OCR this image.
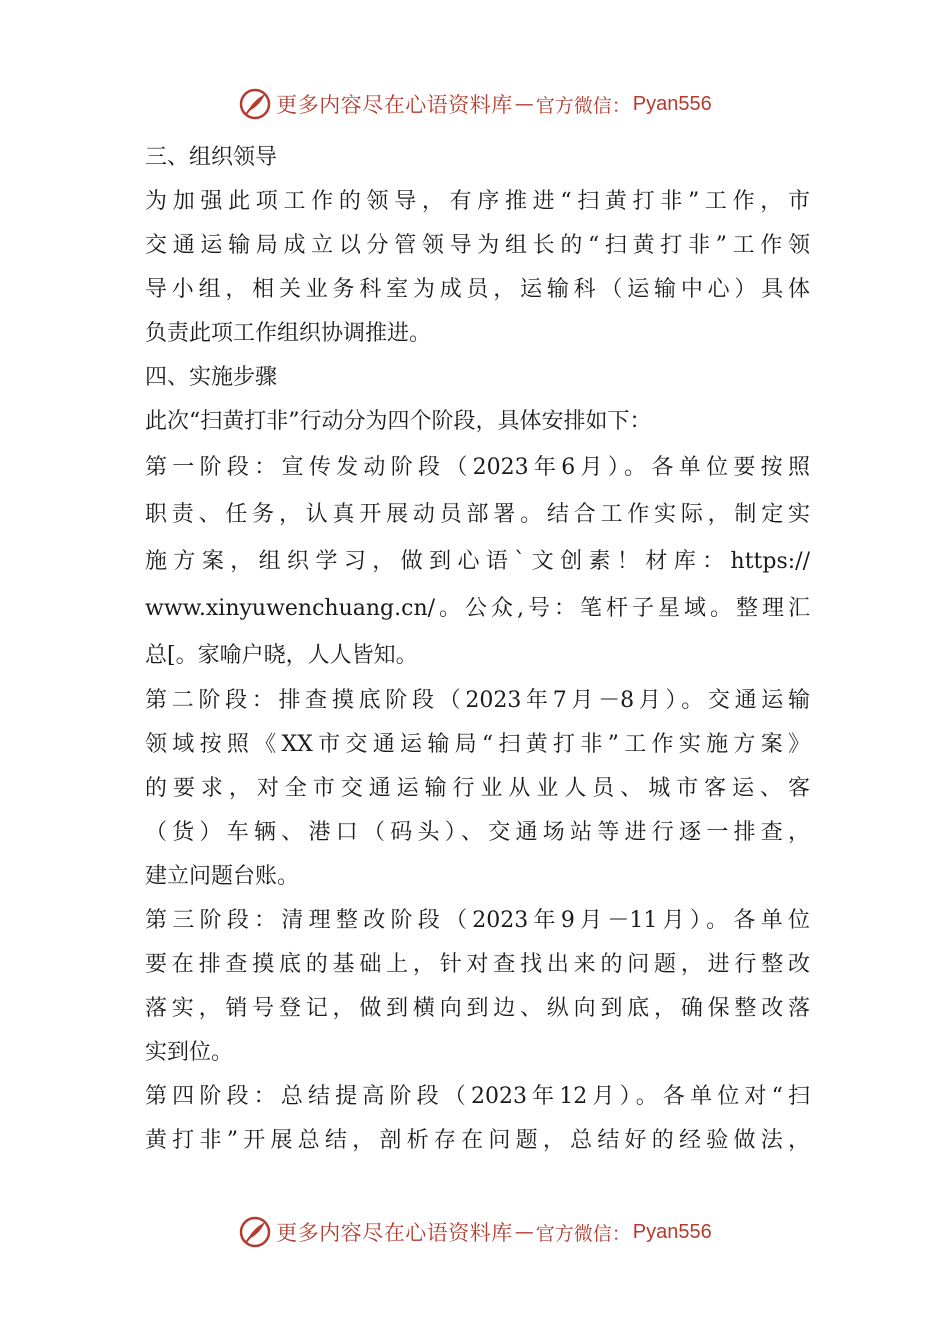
更多内容尽在心语资料库 — 官方微信： Pyan556
三、组织领导
为加强此项工作的领导，有序推进“扫黄打非”工作，市
交通运输局成立以分管领导为组长的“扫黄打非”工作领
导小组，相关业务科室为成员，运输科（运输中心）具体
负责此项工作组织协调推进。
四、实施步骤
此次“扫黄打非”行动分为四个阶段，具体安排如下：
第一阶段：宣传发动阶段（2023年6月）。各单位要按照
职责、任务，认真开展动员部署。结合工作实际，制定实
施方案，组织学习，做到心语`文创素！材库：https://
www.xinyuwenchuang.cn/。公众,号：笔杆子星域。整理汇
总[。家喻户晓，人人皆知。
第二阶段：排查摸底阶段（2023年7月－8月）。交通运输
领域按照《XX市交通运输局“扫黄打非”工作实施方案》
的要求，对全市交通运输行业从业人员、城市客运、客
（货）车辆、港口（码头）、交通场站等进行逐一排查，
建立问题台账。
第三阶段：清理整改阶段（2023年9月－11月）。各单位
要在排查摸底的基础上，针对查找出来的问题，进行整改
落实，销号登记，做到横向到边、纵向到底，确保整改落
实到位。
第四阶段：总结提高阶段（2023年12月）。各单位对“扫
黄打非”开展总结，剖析存在问题，总结好的经验做法，
更多内容尽在心语资料库 — 官方微信： Pyan556
